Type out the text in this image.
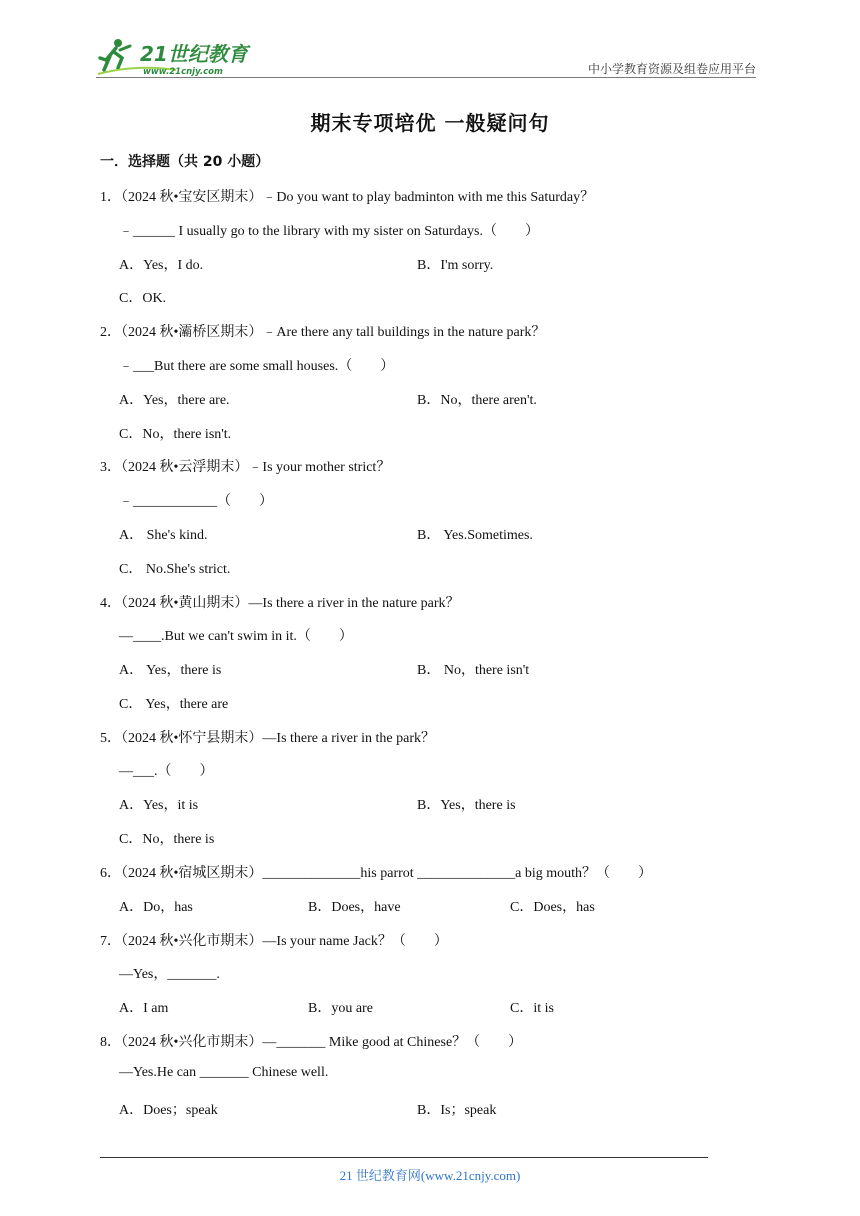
21世纪教育
www.21cnjy.com	中小学教育资源及组卷应用平台
期末专项培优 一般疑问句
一．选择题（共 20 小题）
1．（2024 秋•宝安区期末）﹣Do you want to play badminton with me this Saturday？
﹣______ I usually go to the library with my sister on Saturdays.（　　）
A．Yes，I do.	B．I'm sorry.
C．OK.
2．（2024 秋•灞桥区期末）﹣Are there any tall buildings in the nature park？
﹣___But there are some small houses.（　　）
A．Yes，there are.	B．No，there aren't.
C．No，there isn't.
3．（2024 秋•云浮期末）﹣Is your mother strict？
﹣____________（　　）
A． She's kind.	B． Yes.Sometimes.
C． No.She's strict.
4．（2024 秋•黄山期末）—Is there a river in the nature park？
—____.But we can't swim in it.（　　）
A． Yes，there is	B． No，there isn't
C． Yes，there are
5．（2024 秋•怀宁县期末）—Is there a river in the park？
—___.（　　）
A．Yes，it is	B．Yes，there is
C．No，there is
6．（2024 秋•宿城区期末）______________his parrot ______________a big mouth？（　　）
A．Do，has	B．Does，have	C．Does，has
7．（2024 秋•兴化市期末）—Is your name Jack？（　　）
—Yes，_______.
A．I am	B．you are	C．it is
8．（2024 秋•兴化市期末）—_______ Mike good at Chinese？（　　）
—Yes.He can _______ Chinese well.
A．Does；speak	B．Is；speak
21 世纪教育网(www.21cnjy.com)
